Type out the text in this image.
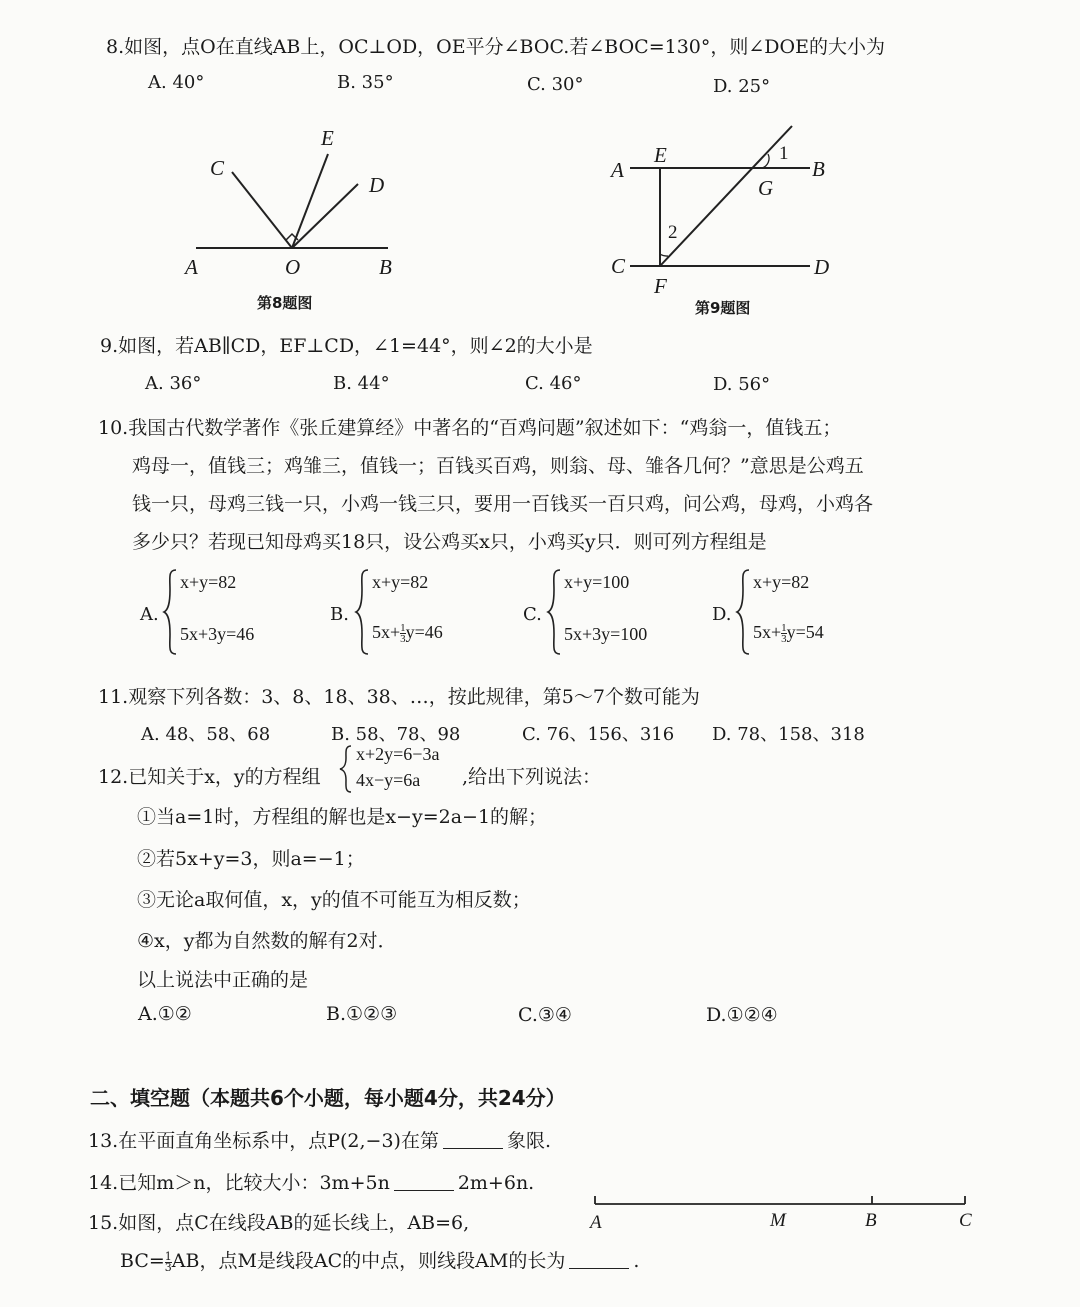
8.如图，点O在直线AB上，OC⊥OD，OE平分∠BOC.若∠BOC=130°，则∠DOE的大小为
A. 40°	B. 35°	C. 30°	D. 25°
C
E
D
A	O	B
第8题图
A
E	1
B
G
2
C	D
F
第9题图
9.如图，若AB∥CD，EF⊥CD，∠1=44°，则∠2的大小是
A. 36°	B. 44°	C. 46°	D. 56°
10.我国古代数学著作《张丘建算经》中著名的“百鸡问题”叙述如下：“鸡翁一，值钱五；
鸡母一，值钱三；鸡雏三，值钱一；百钱买百鸡，则翁、母、雏各几何？”意思是公鸡五
钱一只，母鸡三钱一只，小鸡一钱三只，要用一百钱买一百只鸡，问公鸡，母鸡，小鸡各
多少只？若现已知母鸡买18只，设公鸡买x只，小鸡买y只．则可列方程组是
A.
x+y=82
5x+3y=46
B.
x+y=82
$5x+ \frac{1}{3} y=46$
C.
x+y=100
5x+3y=100
D.
x+y=82
$5x+ \frac{1}{3} y=54$
11.观察下列各数：3、8、18、38、…，按此规律，第5～7个数可能为
A. 48、58、68	B. 58、78、98	C. 76、156、316 D. 78、158、318
12.已知关于x，y的方程组
x+2y=6−3a
4x−y=6a ,给出下列说法：
①当a=1时，方程组的解也是x−y=2a−1的解；
②若5x+y=3，则a=−1；
③无论a取何值，x，y的值不可能互为相反数；
④x，y都为自然数的解有2对．
以上说法中正确的是
A.①②	B.①②③	C.③④	D.①②④
二、填空题（本题共6个小题，每小题4分，共24分）
13.在平面直角坐标系中，点P(2,−3)在第	象限.
14.已知m＞n，比较大小：3m+5n	2m+6n.
15.如图，点C在线段AB的延长线上，AB=6,
$BC= \frac{1}{3}$ AB，点M是线段AC的中点，则线段AM的长为	.
A	M	B	C
